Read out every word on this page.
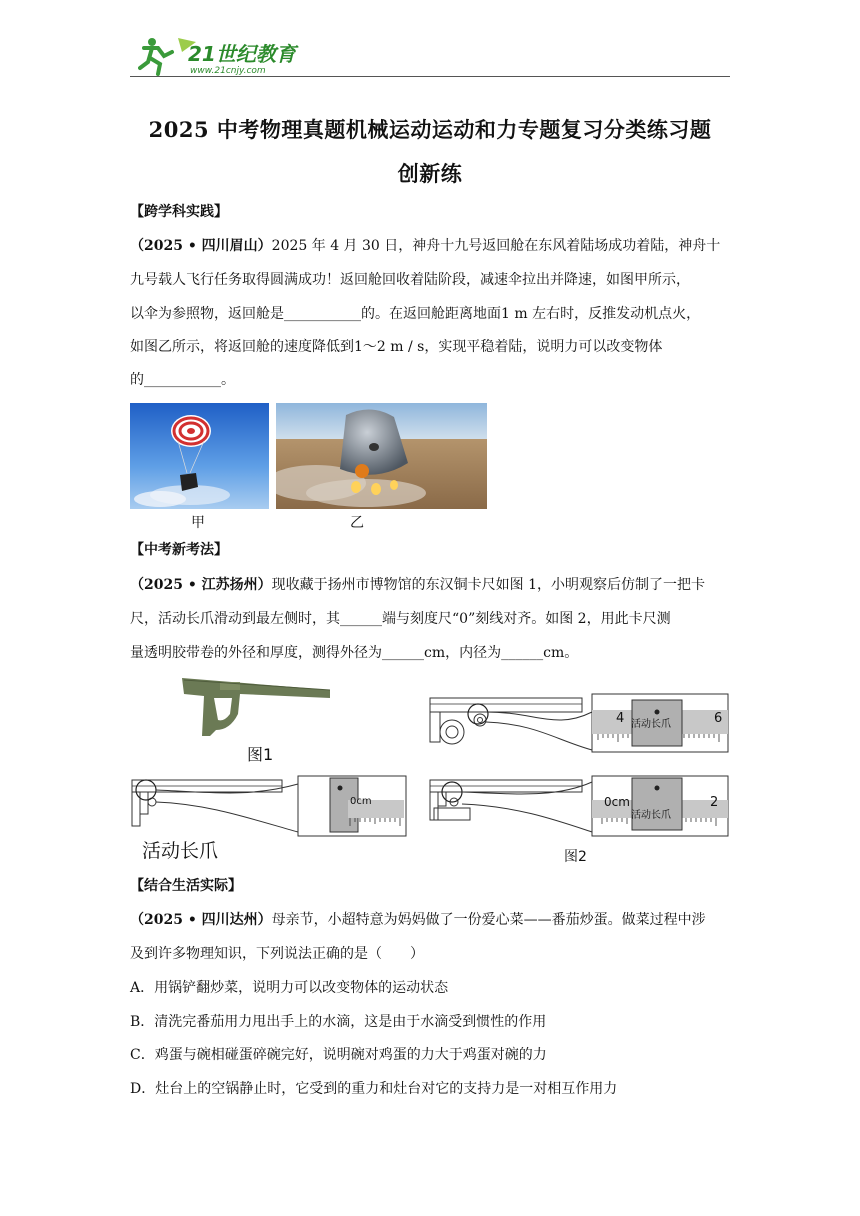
21世纪教育
www.21cnjy.com
2025 中考物理真题机械运动运动和力专题复习分类练习题
创新练
【跨学科实践】
（2025 • 四川眉山）2025 年 4 月 30 日，神舟十九号返回舱在东风着陆场成功着陆，神舟十
九号载人飞行任务取得圆满成功！返回舱回收着陆阶段，减速伞拉出并降速，如图甲所示，
以伞为参照物，返回舱是___________的。在返回舱距离地面1 m 左右时，反推发动机点火，
如图乙所示，将返回舱的速度降低到1～2 m / s，实现平稳着陆，说明力可以改变物体
的___________。
甲	乙
【中考新考法】
（2025 • 江苏扬州）现收藏于扬州市博物馆的东汉铜卡尺如图 1，小明观察后仿制了一把卡
尺，活动长爪滑动到最左侧时，其______端与刻度尺“0”刻线对齐。如图 2，用此卡尺测
量透明胶带卷的外径和厚度，测得外径为______cm，内径为______cm。
图1
活动长爪
4	6
0cm
活动长爪
0cm
活动长爪
2
图2
【结合生活实际】
（2025 • 四川达州）母亲节，小超特意为妈妈做了一份爱心菜——番茄炒蛋。做菜过程中涉
及到许多物理知识，下列说法正确的是（　　）
A．用锅铲翻炒菜，说明力可以改变物体的运动状态
B．清洗完番茄用力甩出手上的水滴，这是由于水滴受到惯性的作用
C．鸡蛋与碗相碰蛋碎碗完好，说明碗对鸡蛋的力大于鸡蛋对碗的力
D．灶台上的空锅静止时，它受到的重力和灶台对它的支持力是一对相互作用力
